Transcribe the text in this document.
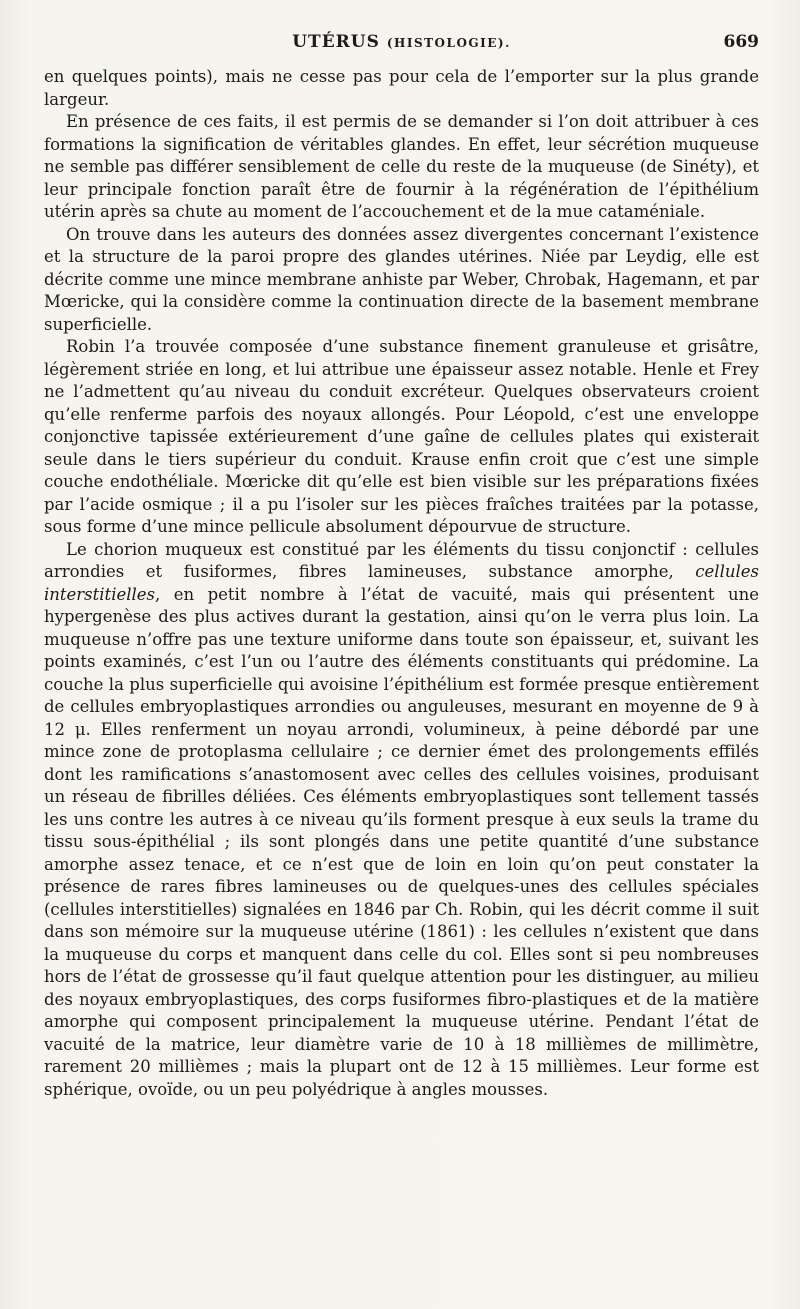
UTÉRUS (HISTOLOGIE).	669

en quelques points), mais ne cesse pas pour cela de l’emporter sur la plus grande largeur.

En présence de ces faits, il est permis de se demander si l’on doit attribuer à ces formations la signification de véritables glandes. En effet, leur sécrétion muqueuse ne semble pas différer sensiblement de celle du reste de la muqueuse (de Sinéty), et leur principale fonction paraît être de fournir à la régénération de l’épithélium utérin après sa chute au moment de l’accouchement et de la mue cataméniale.

On trouve dans les auteurs des données assez divergentes concernant l’existence et la structure de la paroi propre des glandes utérines. Niée par Leydig, elle est décrite comme une mince membrane anhiste par Weber, Chrobak, Hagemann, et par Mœricke, qui la considère comme la continuation directe de la basement membrane superficielle.

Robin l’a trouvée composée d’une substance finement granuleuse et grisâtre, légèrement striée en long, et lui attribue une épaisseur assez notable. Henle et Frey ne l’admettent qu’au niveau du conduit excréteur. Quelques observateurs croient qu’elle renferme parfois des noyaux allongés. Pour Léopold, c’est une enveloppe conjonctive tapissée extérieurement d’une gaîne de cellules plates qui existerait seule dans le tiers supérieur du conduit. Krause enfin croit que c’est une simple couche endothéliale. Mœricke dit qu’elle est bien visible sur les préparations fixées par l’acide osmique ; il a pu l’isoler sur les pièces fraîches traitées par la potasse, sous forme d’une mince pellicule absolument dépourvue de structure.

Le chorion muqueux est constitué par les éléments du tissu conjonctif : cellules arrondies et fusiformes, fibres lamineuses, substance amorphe, cellules interstitielles, en petit nombre à l’état de vacuité, mais qui présentent une hypergenèse des plus actives durant la gestation, ainsi qu’on le verra plus loin. La muqueuse n’offre pas une texture uniforme dans toute son épaisseur, et, suivant les points examinés, c’est l’un ou l’autre des éléments constituants qui prédomine. La couche la plus superficielle qui avoisine l’épithélium est formée presque entièrement de cellules embryoplastiques arrondies ou anguleuses, mesurant en moyenne de 9 à 12 μ. Elles renferment un noyau arrondi, volumineux, à peine débordé par une mince zone de protoplasma cellulaire ; ce dernier émet des prolongements effilés dont les ramifications s’anastomosent avec celles des cellules voisines, produisant un réseau de fibrilles déliées. Ces éléments embryoplastiques sont tellement tassés les uns contre les autres à ce niveau qu’ils forment presque à eux seuls la trame du tissu sous-épithélial ; ils sont plongés dans une petite quantité d’une substance amorphe assez tenace, et ce n’est que de loin en loin qu’on peut constater la présence de rares fibres lamineuses ou de quelques-unes des cellules spéciales (cellules interstitielles) signalées en 1846 par Ch. Robin, qui les décrit comme il suit dans son mémoire sur la muqueuse utérine (1861) : les cellules n’existent que dans la muqueuse du corps et manquent dans celle du col. Elles sont si peu nombreuses hors de l’état de grossesse qu’il faut quelque attention pour les distinguer, au milieu des noyaux embryoplastiques, des corps fusiformes fibro-plastiques et de la matière amorphe qui composent principalement la muqueuse utérine. Pendant l’état de vacuité de la matrice, leur diamètre varie de 10 à 18 millièmes de millimètre, rarement 20 millièmes ; mais la plupart ont de 12 à 15 millièmes. Leur forme est sphérique, ovoïde, ou un peu polyédrique à angles mousses.
